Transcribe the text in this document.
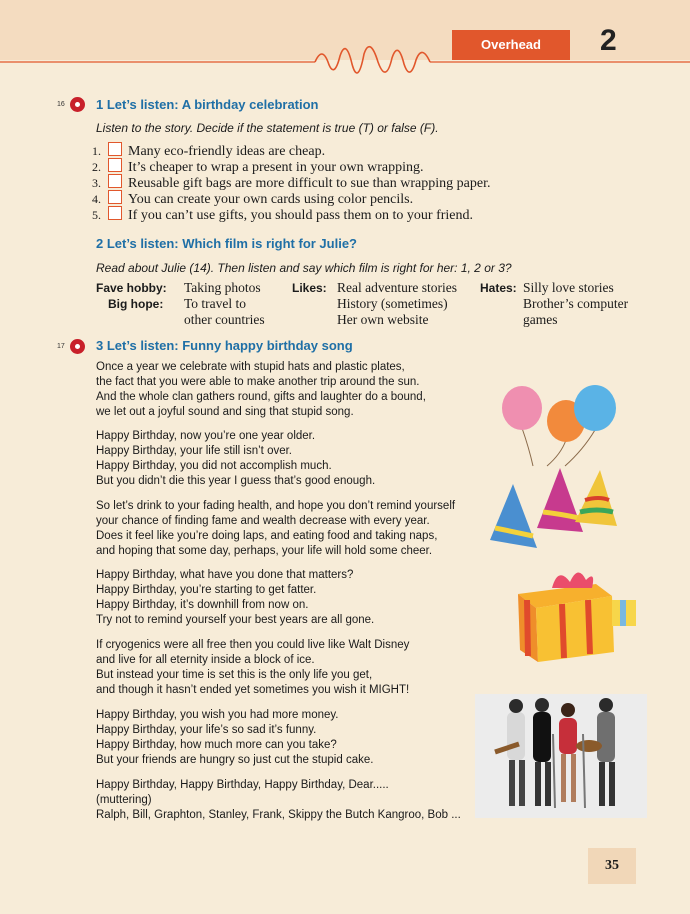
Overhead	2
16 1 Let’s listen: A birthday celebration
Listen to the story. Decide if the statement is true (T) or false (F).
1. Many eco-friendly ideas are cheap.
2. It’s cheaper to wrap a present in your own wrapping.
3. Reusable gift bags are more difficult to sue than wrapping paper.
4. You can create your own cards using color pencils.
5. If you can’t use gifts, you should pass them on to your friend.
2 Let’s listen: Which film is right for Julie?
Read about Julie (14). Then listen and say which film is right for her: 1, 2 or 3?
Fave hobby: Taking photos
Big hope: To travel to
other countries
Likes: Real adventure stories
History (sometimes)
Her own website
Hates: Silly love stories
Brother’s computer
games
17 3 Let’s listen: Funny happy birthday song
Once a year we celebrate with stupid hats and plastic plates,
the fact that you were able to make another trip around the sun.
And the whole clan gathers round, gifts and laughter do a bound,
we let out a joyful sound and sing that stupid song.
Happy Birthday, now you’re one year older.
Happy Birthday, your life still isn’t over.
Happy Birthday, you did not accomplish much.
But you didn’t die this year I guess that’s good enough.
So let’s drink to your fading health, and hope you don’t remind yourself
your chance of finding fame and wealth decrease with every year.
Does it feel like you’re doing laps, and eating food and taking naps,
and hoping that some day, perhaps, your life will hold some cheer.
Happy Birthday, what have you done that matters?
Happy Birthday, you’re starting to get fatter.
Happy Birthday, it’s downhill from now on.
Try not to remind yourself your best years are all gone.
If cryogenics were all free then you could live like Walt Disney
and live for all eternity inside a block of ice.
But instead your time is set this is the only life you get,
and though it hasn’t ended yet sometimes you wish it MIGHT!
Happy Birthday, you wish you had more money.
Happy Birthday, your life’s so sad it’s funny.
Happy Birthday, how much more can you take?
But your friends are hungry so just cut the stupid cake.
Happy Birthday, Happy Birthday, Happy Birthday, Dear.....
(muttering)
Ralph, Bill, Graphton, Stanley, Frank, Skippy the Butch Kangroo, Bob ...
35
